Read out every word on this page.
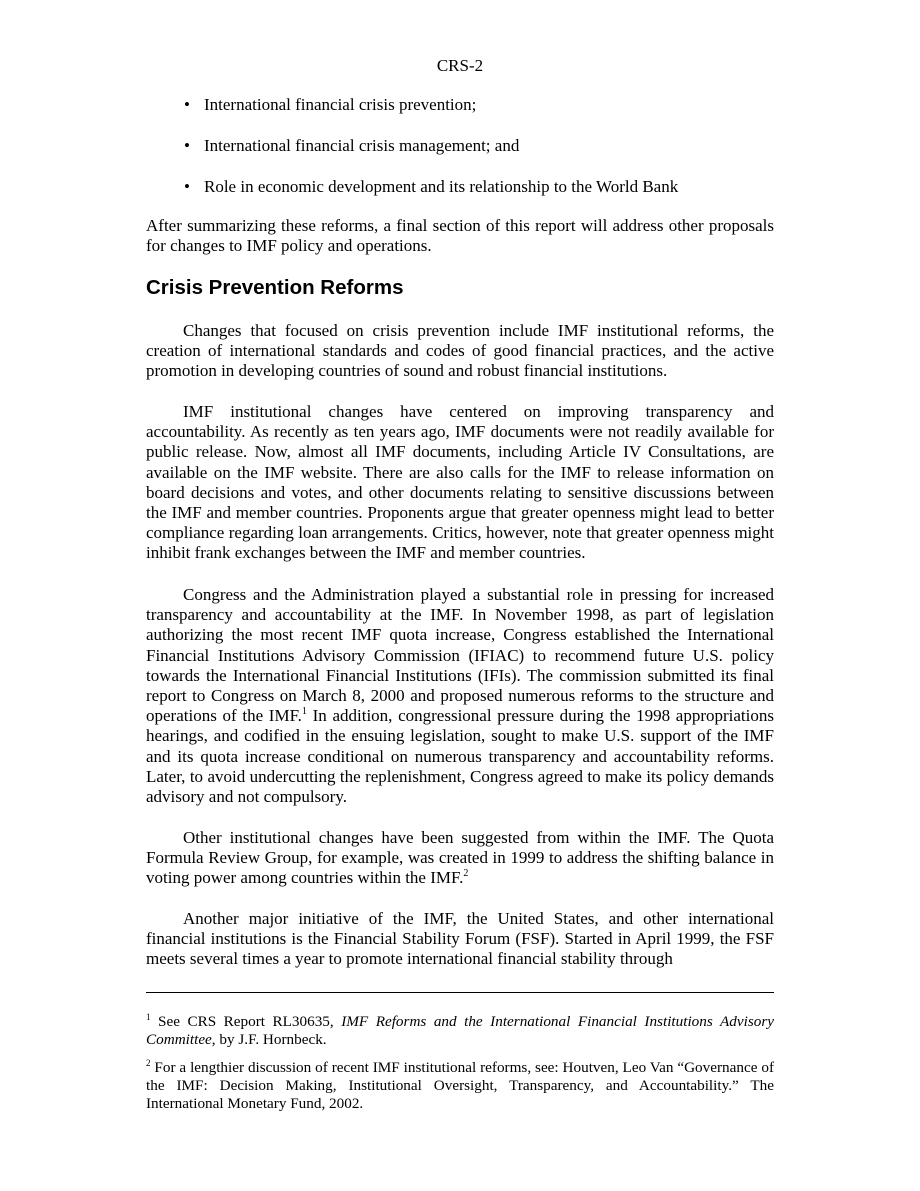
CRS-2
• International financial crisis prevention;
• International financial crisis management; and
• Role in economic development and its relationship to the World Bank

After summarizing these reforms, a final section of this report will address other proposals for changes to IMF policy and operations.

Crisis Prevention Reforms

Changes that focused on crisis prevention include IMF institutional reforms, the creation of international standards and codes of good financial practices, and the active promotion in developing countries of sound and robust financial institutions.

IMF institutional changes have centered on improving transparency and accountability. As recently as ten years ago, IMF documents were not readily available for public release. Now, almost all IMF documents, including Article IV Consultations, are available on the IMF website. There are also calls for the IMF to release information on board decisions and votes, and other documents relating to sensitive discussions between the IMF and member countries. Proponents argue that greater openness might lead to better compliance regarding loan arrangements. Critics, however, note that greater openness might inhibit frank exchanges between the IMF and member countries.

Congress and the Administration played a substantial role in pressing for increased transparency and accountability at the IMF. In November 1998, as part of legislation authorizing the most recent IMF quota increase, Congress established the International Financial Institutions Advisory Commission (IFIAC) to recommend future U.S. policy towards the International Financial Institutions (IFIs). The commission submitted its final report to Congress on March 8, 2000 and proposed numerous reforms to the structure and operations of the IMF.$^1$ In addition, congressional pressure during the 1998 appropriations hearings, and codified in the ensuing legislation, sought to make U.S. support of the IMF and its quota increase conditional on numerous transparency and accountability reforms. Later, to avoid undercutting the replenishment, Congress agreed to make its policy demands advisory and not compulsory.

Other institutional changes have been suggested from within the IMF. The Quota Formula Review Group, for example, was created in 1999 to address the shifting balance in voting power among countries within the IMF.$^2$

Another major initiative of the IMF, the United States, and other international financial institutions is the Financial Stability Forum (FSF). Started in April 1999, the FSF meets several times a year to promote international financial stability through

$^1$ See CRS Report RL30635, IMF Reforms and the International Financial Institutions Advisory Committee, by J.F. Hornbeck.

$^2$ For a lengthier discussion of recent IMF institutional reforms, see: Houtven, Leo Van “Governance of the IMF: Decision Making, Institutional Oversight, Transparency, and Accountability.” The International Monetary Fund, 2002.
